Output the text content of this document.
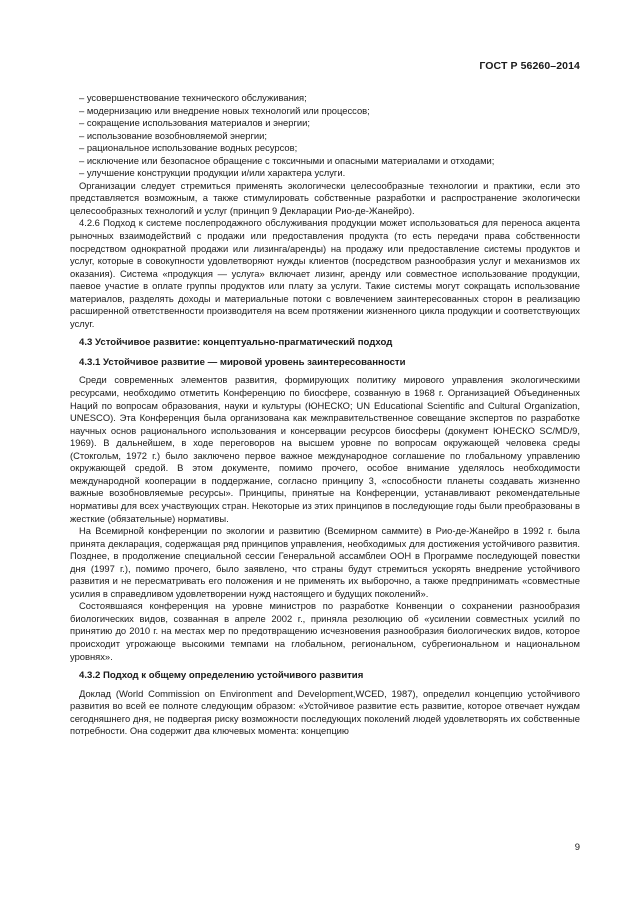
ГОСТ Р 56260–2014

– усовершенствование технического обслуживания;

– модернизацию или внедрение новых технологий или процессов;

– сокращение использования материалов и энергии;

– использование возобновляемой энергии;

– рациональное использование водных ресурсов;

– исключение или безопасное обращение с токсичными и опасными материалами и отходами;

– улучшение конструкции продукции и/или характера услуги.

Организации следует стремиться применять экологически целесообразные технологии и практики, если это представляется возможным, а также стимулировать собственные разработки и распространение экологически целесообразных технологий и услуг (принцип 9 Декларации Рио-де-Жанейро).

4.2.6 Подход к системе послепродажного обслуживания продукции может использоваться для переноса акцента рыночных взаимодействий с продажи или предоставления продукта (то есть передачи права собственности посредством однократной продажи или лизинга/аренды) на продажу или предоставление системы продуктов и услуг, которые в совокупности удовлетворяют нужды клиентов (посредством разнообразия услуг и механизмов их оказания). Система «продукция — услуга» включает лизинг, аренду или совместное использование продукции, паевое участие в оплате группы продуктов или плату за услуги. Такие системы могут сокращать использование материалов, разделять доходы и материальные потоки с вовлечением заинтересованных сторон в реализацию расширенной ответственности производителя на всем протяжении жизненного цикла продукции и соответствующих услуг.

4.3 Устойчивое развитие: концептуально-прагматический подход

4.3.1 Устойчивое развитие — мировой уровень заинтересованности

Среди современных элементов развития, формирующих политику мирового управления экологическими ресурсами, необходимо отметить Конференцию по биосфере, созванную в 1968 г. Организацией Объединенных Наций по вопросам образования, науки и культуры (ЮНЕСКО; UN Educational Scientific and Cultural Organization, UNESCO). Эта Конференция была организована как межправительственное совещание экспертов по разработке научных основ рационального использования и консервации ресурсов биосферы (документ ЮНЕСКО SC/MD/9, 1969). В дальнейшем, в ходе переговоров на высшем уровне по вопросам окружающей человека среды (Стокгольм, 1972 г.) было заключено первое важное международное соглашение по глобальному управлению окружающей средой. В этом документе, помимо прочего, особое внимание уделялось необходимости международной кооперации в поддержание, согласно принципу 3, «способности планеты создавать жизненно важные возобновляемые ресурсы». Принципы, принятые на Конференции, устанавливают рекомендательные нормативы для всех участвующих стран. Некоторые из этих принципов в последующие годы были преобразованы в жесткие (обязательные) нормативы.

На Всемирной конференции по экологии и развитию (Всемирном саммите) в Рио-де-Жанейро в 1992 г. была принята декларация, содержащая ряд принципов управления, необходимых для достижения устойчивого развития. Позднее, в продолжение специальной сессии Генеральной ассамблеи ООН в Программе последующей повестки дня (1997 г.), помимо прочего, было заявлено, что страны будут стремиться ускорять внедрение устойчивого развития и не пересматривать его положения и не применять их выборочно, а также предпринимать «совместные усилия в справедливом удовлетворении нужд настоящего и будущих поколений».

Состоявшаяся конференция на уровне министров по разработке Конвенции о сохранении разнообразия биологических видов, созванная в апреле 2002 г., приняла резолюцию об «усилении совместных усилий по принятию до 2010 г. на местах мер по предотвращению исчезновения разнообразия биологических видов, которое происходит угрожающе высокими темпами на глобальном, региональном, субрегиональном и национальном уровнях».

4.3.2 Подход к общему определению устойчивого развития

Доклад (World Commission on Environment and Development,WCED, 1987), определил концепцию устойчивого развития во всей ее полноте следующим образом: «Устойчивое развитие есть развитие, которое отвечает нуждам сегодняшнего дня, не подвергая риску возможности последующих поколений людей удовлетворять их собственные потребности. Она содержит два ключевых момента: концепцию

9
